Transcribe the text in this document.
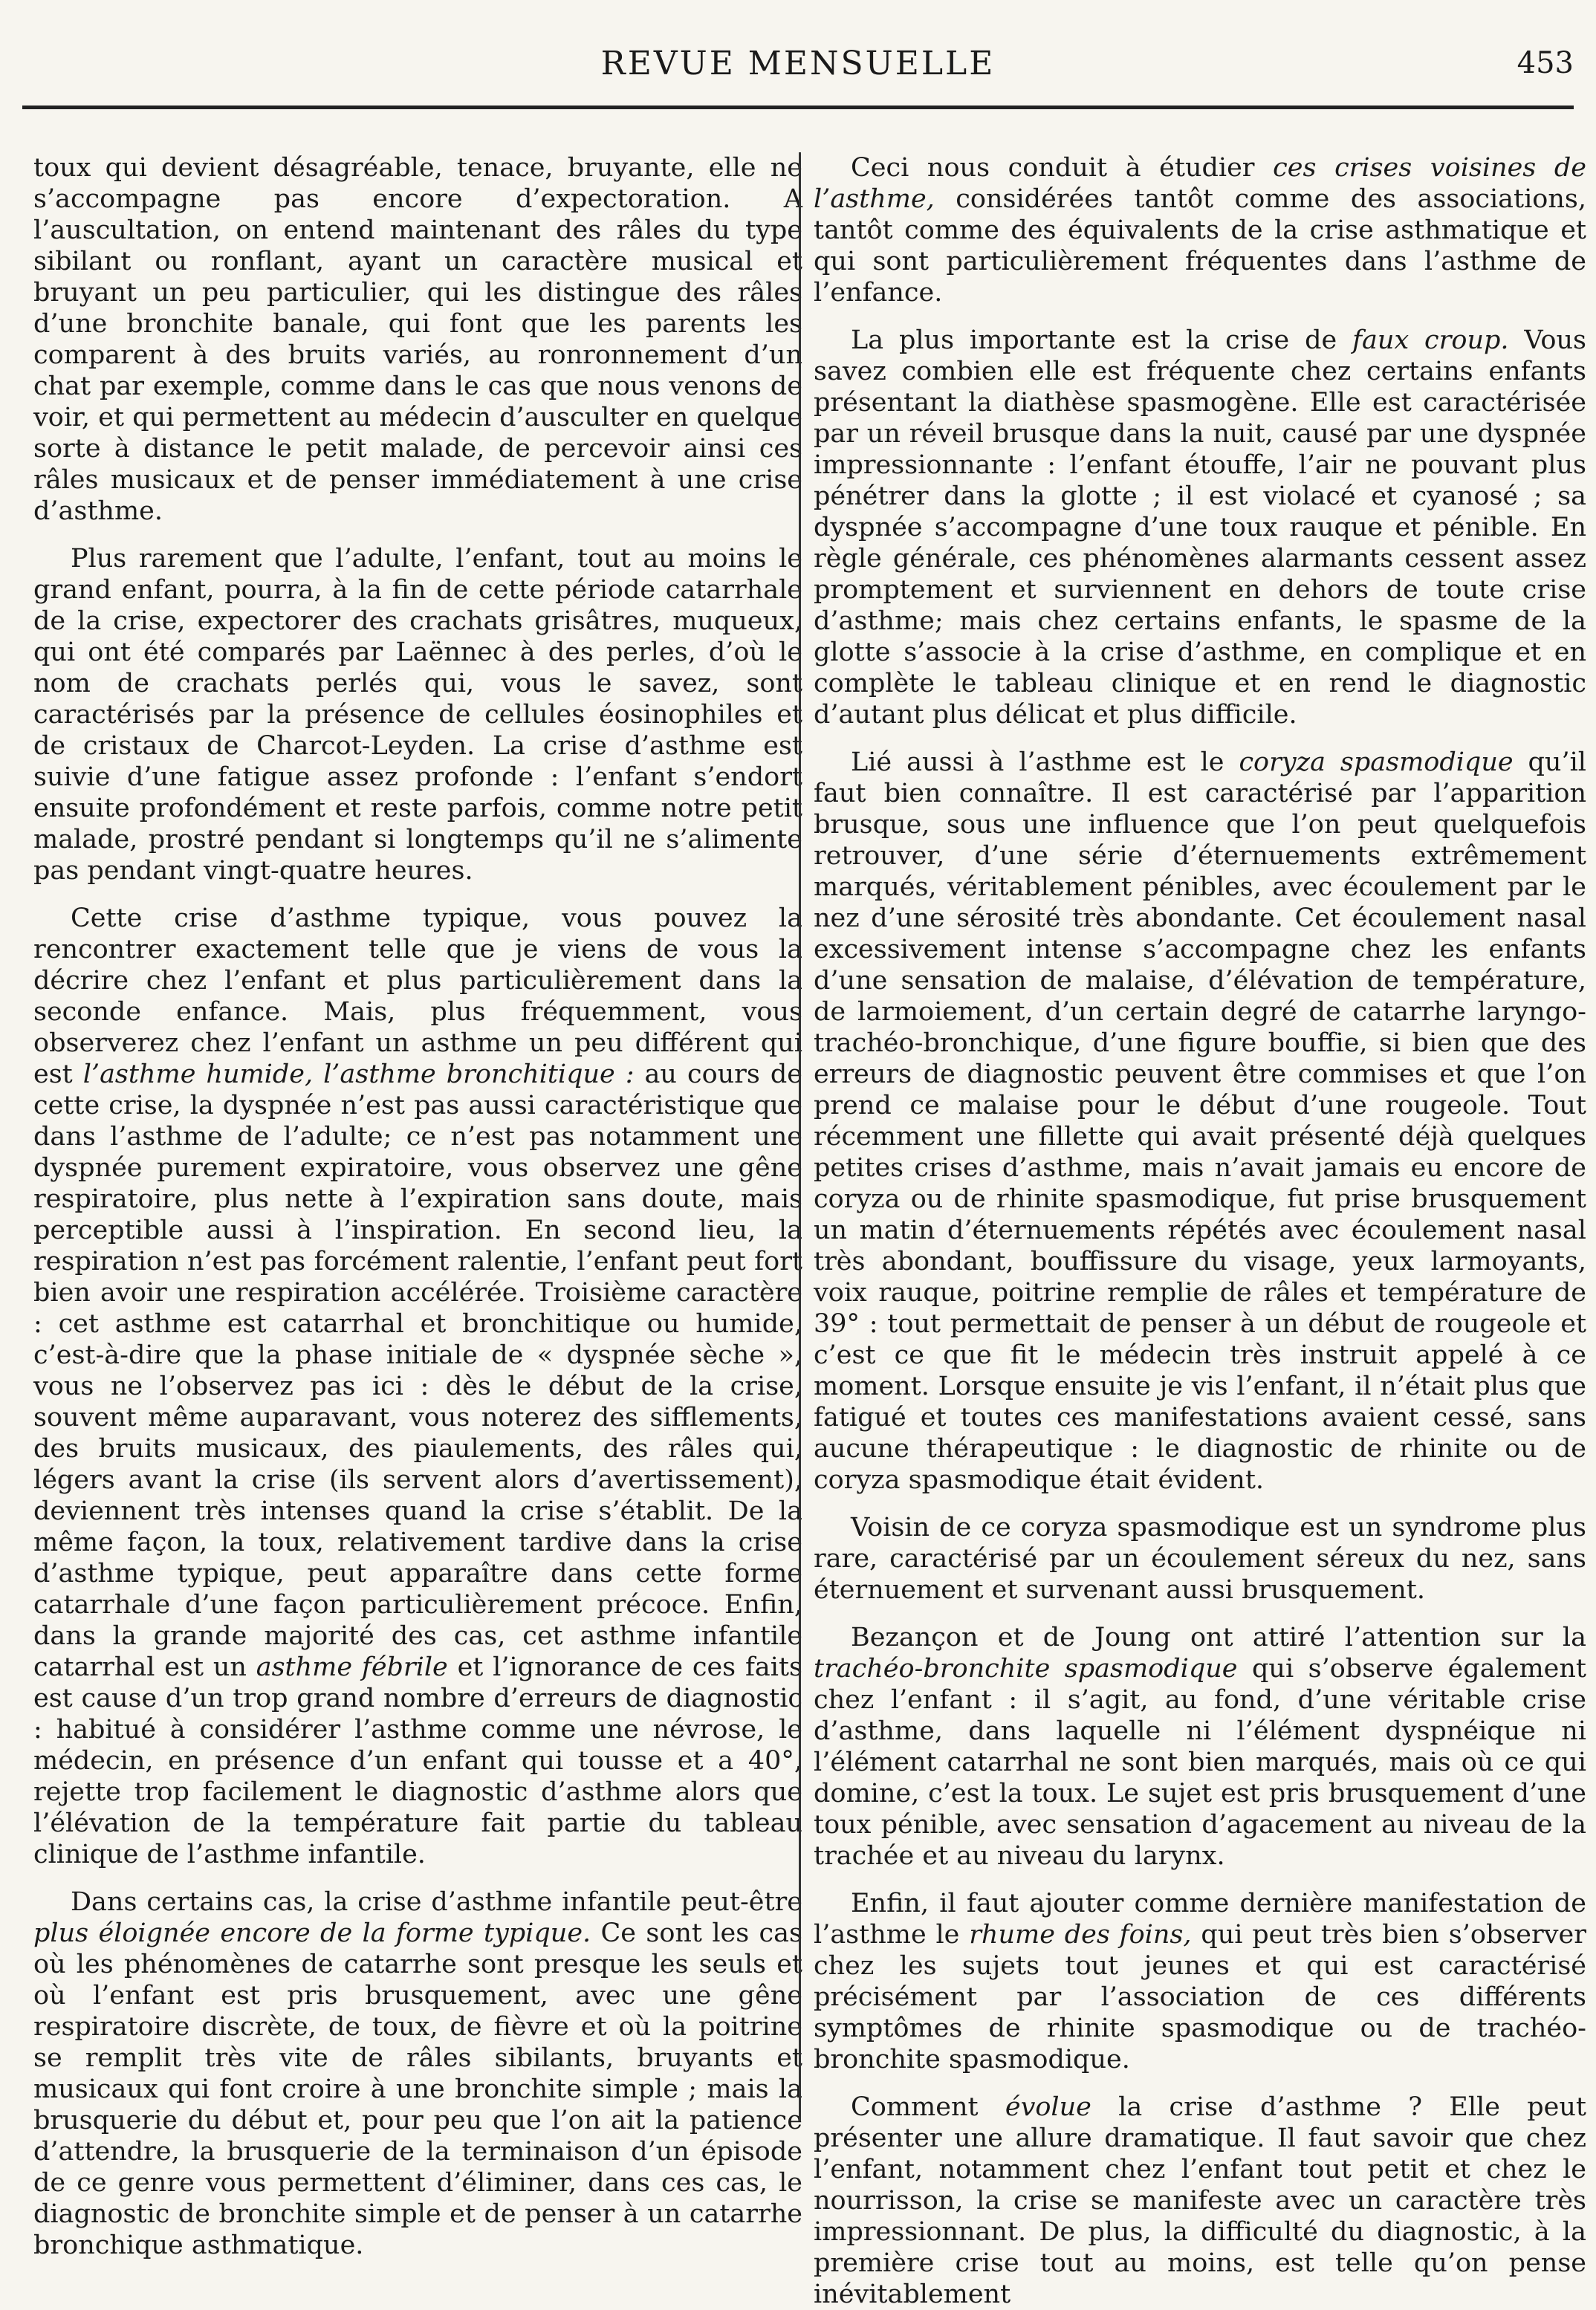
REVUE MENSUELLE	453

toux qui devient désagréable, tenace, bruyante, elle ne s’accompagne pas encore d’expectoration. A l’auscultation, on entend maintenant des râles du type sibilant ou ronflant, ayant un caractère musical et bruyant un peu particulier, qui les distingue des râles d’une bronchite banale, qui font que les parents les comparent à des bruits variés, au ronronnement d’un chat par exemple, comme dans le cas que nous venons de voir, et qui permettent au médecin d’ausculter en quelque sorte à distance le petit malade, de percevoir ainsi ces râles musicaux et de penser immédiatement à une crise d’asthme.

Plus rarement que l’adulte, l’enfant, tout au moins le grand enfant, pourra, à la fin de cette période catarrhale de la crise, expectorer des crachats grisâtres, muqueux, qui ont été comparés par Laënnec à des perles, d’où le nom de crachats perlés qui, vous le savez, sont caractérisés par la présence de cellules éosinophiles et de cristaux de Charcot-Leyden. La crise d’asthme est suivie d’une fatigue assez profonde : l’enfant s’endort ensuite profondément et reste parfois, comme notre petit malade, prostré pendant si longtemps qu’il ne s’alimente pas pendant vingt-quatre heures.

Cette crise d’asthme typique, vous pouvez la rencontrer exactement telle que je viens de vous la décrire chez l’enfant et plus particulièrement dans la seconde enfance. Mais, plus fréquemment, vous observerez chez l’enfant un asthme un peu différent qui est l’asthme humide, l’asthme bronchitique : au cours de cette crise, la dyspnée n’est pas aussi caractéristique que dans l’asthme de l’adulte; ce n’est pas notamment une dyspnée purement expiratoire, vous observez une gêne respiratoire, plus nette à l’expiration sans doute, mais perceptible aussi à l’inspiration. En second lieu, la respiration n’est pas forcément ralentie, l’enfant peut fort bien avoir une respiration accélérée. Troisième caractère : cet asthme est catarrhal et bronchitique ou humide, c’est-à-dire que la phase initiale de « dyspnée sèche », vous ne l’observez pas ici : dès le début de la crise, souvent même auparavant, vous noterez des sifflements, des bruits musicaux, des piaulements, des râles qui, légers avant la crise (ils servent alors d’avertissement), deviennent très intenses quand la crise s’établit. De la même façon, la toux, relativement tardive dans la crise d’asthme typique, peut apparaître dans cette forme catarrhale d’une façon particulièrement précoce. Enfin, dans la grande majorité des cas, cet asthme infantile catarrhal est un asthme fébrile et l’ignorance de ces faits est cause d’un trop grand nombre d’erreurs de diagnostic : habitué à considérer l’asthme comme une névrose, le médecin, en présence d’un enfant qui tousse et a 40°, rejette trop facilement le diagnostic d’asthme alors que l’élévation de la température fait partie du tableau clinique de l’asthme infantile.

Dans certains cas, la crise d’asthme infantile peut-être plus éloignée encore de la forme typique. Ce sont les cas où les phénomènes de catarrhe sont presque les seuls et où l’enfant est pris brusquement, avec une gêne respiratoire discrète, de toux, de fièvre et où la poitrine se remplit très vite de râles sibilants, bruyants et musicaux qui font croire à une bronchite simple ; mais la brusquerie du début et, pour peu que l’on ait la patience d’attendre, la brusquerie de la terminaison d’un épisode de ce genre vous permettent d’éliminer, dans ces cas, le diagnostic de bronchite simple et de penser à un catarrhe bronchique asthmatique.

Ceci nous conduit à étudier ces crises voisines de l’asthme, considérées tantôt comme des associations, tantôt comme des équivalents de la crise asthmatique et qui sont particulièrement fréquentes dans l’asthme de l’enfance.

La plus importante est la crise de faux croup. Vous savez combien elle est fréquente chez certains enfants présentant la diathèse spasmogène. Elle est caractérisée par un réveil brusque dans la nuit, causé par une dyspnée impressionnante : l’enfant étouffe, l’air ne pouvant plus pénétrer dans la glotte ; il est violacé et cyanosé ; sa dyspnée s’accompagne d’une toux rauque et pénible. En règle générale, ces phénomènes alarmants cessent assez promptement et surviennent en dehors de toute crise d’asthme; mais chez certains enfants, le spasme de la glotte s’associe à la crise d’asthme, en complique et en complète le tableau clinique et en rend le diagnostic d’autant plus délicat et plus difficile.

Lié aussi à l’asthme est le coryza spasmodique qu’il faut bien connaître. Il est caractérisé par l’apparition brusque, sous une influence que l’on peut quelquefois retrouver, d’une série d’éternuements extrêmement marqués, véritablement pénibles, avec écoulement par le nez d’une sérosité très abondante. Cet écoulement nasal excessivement intense s’accompagne chez les enfants d’une sensation de malaise, d’élévation de température, de larmoiement, d’un certain degré de catarrhe laryngo-trachéo-bronchique, d’une figure bouffie, si bien que des erreurs de diagnostic peuvent être commises et que l’on prend ce malaise pour le début d’une rougeole. Tout récemment une fillette qui avait présenté déjà quelques petites crises d’asthme, mais n’avait jamais eu encore de coryza ou de rhinite spasmodique, fut prise brusquement un matin d’éternuements répétés avec écoulement nasal très abondant, bouffissure du visage, yeux larmoyants, voix rauque, poitrine remplie de râles et température de 39° : tout permettait de penser à un début de rougeole et c’est ce que fit le médecin très instruit appelé à ce moment. Lorsque ensuite je vis l’enfant, il n’était plus que fatigué et toutes ces manifestations avaient cessé, sans aucune thérapeutique : le diagnostic de rhinite ou de coryza spasmodique était évident.

Voisin de ce coryza spasmodique est un syndrome plus rare, caractérisé par un écoulement séreux du nez, sans éternuement et survenant aussi brusquement.

Bezançon et de Joung ont attiré l’attention sur la trachéo-bronchite spasmodique qui s’observe également chez l’enfant : il s’agit, au fond, d’une véritable crise d’asthme, dans laquelle ni l’élément dyspnéique ni l’élément catarrhal ne sont bien marqués, mais où ce qui domine, c’est la toux. Le sujet est pris brusquement d’une toux pénible, avec sensation d’agacement au niveau de la trachée et au niveau du larynx.

Enfin, il faut ajouter comme dernière manifestation de l’asthme le rhume des foins, qui peut très bien s’observer chez les sujets tout jeunes et qui est caractérisé précisément par l’association de ces différents symptômes de rhinite spasmodique ou de trachéo-bronchite spasmodique.

Comment évolue la crise d’asthme ? Elle peut présenter une allure dramatique. Il faut savoir que chez l’enfant, notamment chez l’enfant tout petit et chez le nourrisson, la crise se manifeste avec un caractère très impressionnant. De plus, la difficulté du diagnostic, à la première crise tout au moins, est telle qu’on pense inévitablement
